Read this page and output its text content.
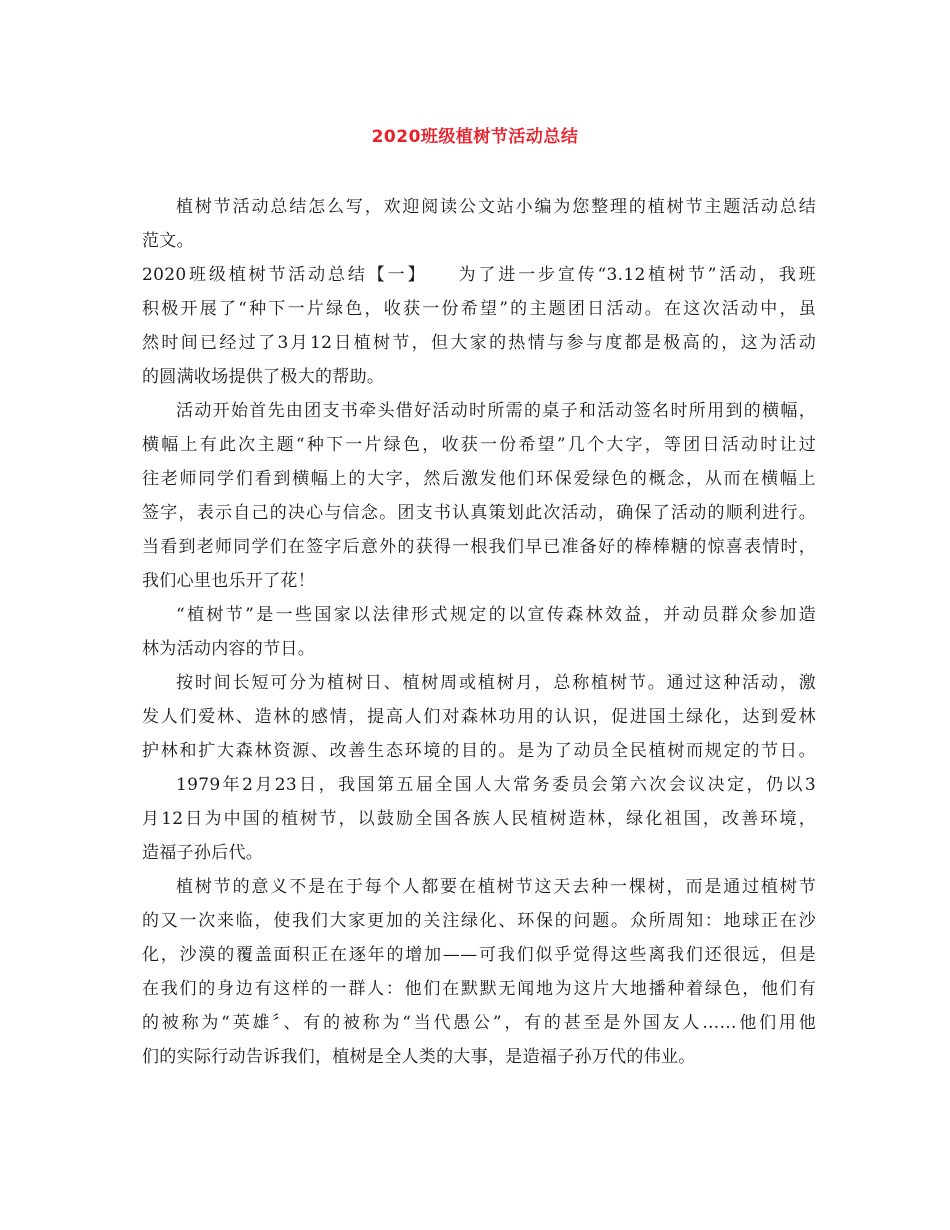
2020班级植树节活动总结
植树节活动总结怎么写，欢迎阅读公文站小编为您整理的植树节主题活动总结
范文。
2020班级植树节活动总结【一】　　为了进一步宣传“3.12植树节”活动，我班
积极开展了“种下一片绿色，收获一份希望”的主题团日活动。在这次活动中，虽
然时间已经过了3月12日植树节，但大家的热情与参与度都是极高的，这为活动
的圆满收场提供了极大的帮助。
活动开始首先由团支书牵头借好活动时所需的桌子和活动签名时所用到的横幅，
横幅上有此次主题“种下一片绿色，收获一份希望”几个大字，等团日活动时让过
往老师同学们看到横幅上的大字，然后激发他们环保爱绿色的概念，从而在横幅上
签字，表示自己的决心与信念。团支书认真策划此次活动，确保了活动的顺利进行。
当看到老师同学们在签字后意外的获得一根我们早已准备好的棒棒糖的惊喜表情时，
我们心里也乐开了花！
“植树节”是一些国家以法律形式规定的以宣传森林效益，并动员群众参加造
林为活动内容的节日。
按时间长短可分为植树日、植树周或植树月，总称植树节。通过这种活动，激
发人们爱林、造林的感情，提高人们对森林功用的认识，促进国土绿化，达到爱林
护林和扩大森林资源、改善生态环境的目的。是为了动员全民植树而规定的节日。
1979年2月23日，我国第五届全国人大常务委员会第六次会议决定，仍以3
月12日为中国的植树节，以鼓励全国各族人民植树造林，绿化祖国，改善环境，
造福子孙后代。
植树节的意义不是在于每个人都要在植树节这天去种一棵树，而是通过植树节
的又一次来临，使我们大家更加的关注绿化、环保的问题。众所周知：地球正在沙
化，沙漠的覆盖面积正在逐年的增加——可我们似乎觉得这些离我们还很远，但是
在我们的身边有这样的一群人：他们在默默无闻地为这片大地播种着绿色，他们有
的被称为“英雄〞、有的被称为“当代愚公”，有的甚至是外国友人……他们用他
们的实际行动告诉我们，植树是全人类的大事，是造福子孙万代的伟业。
